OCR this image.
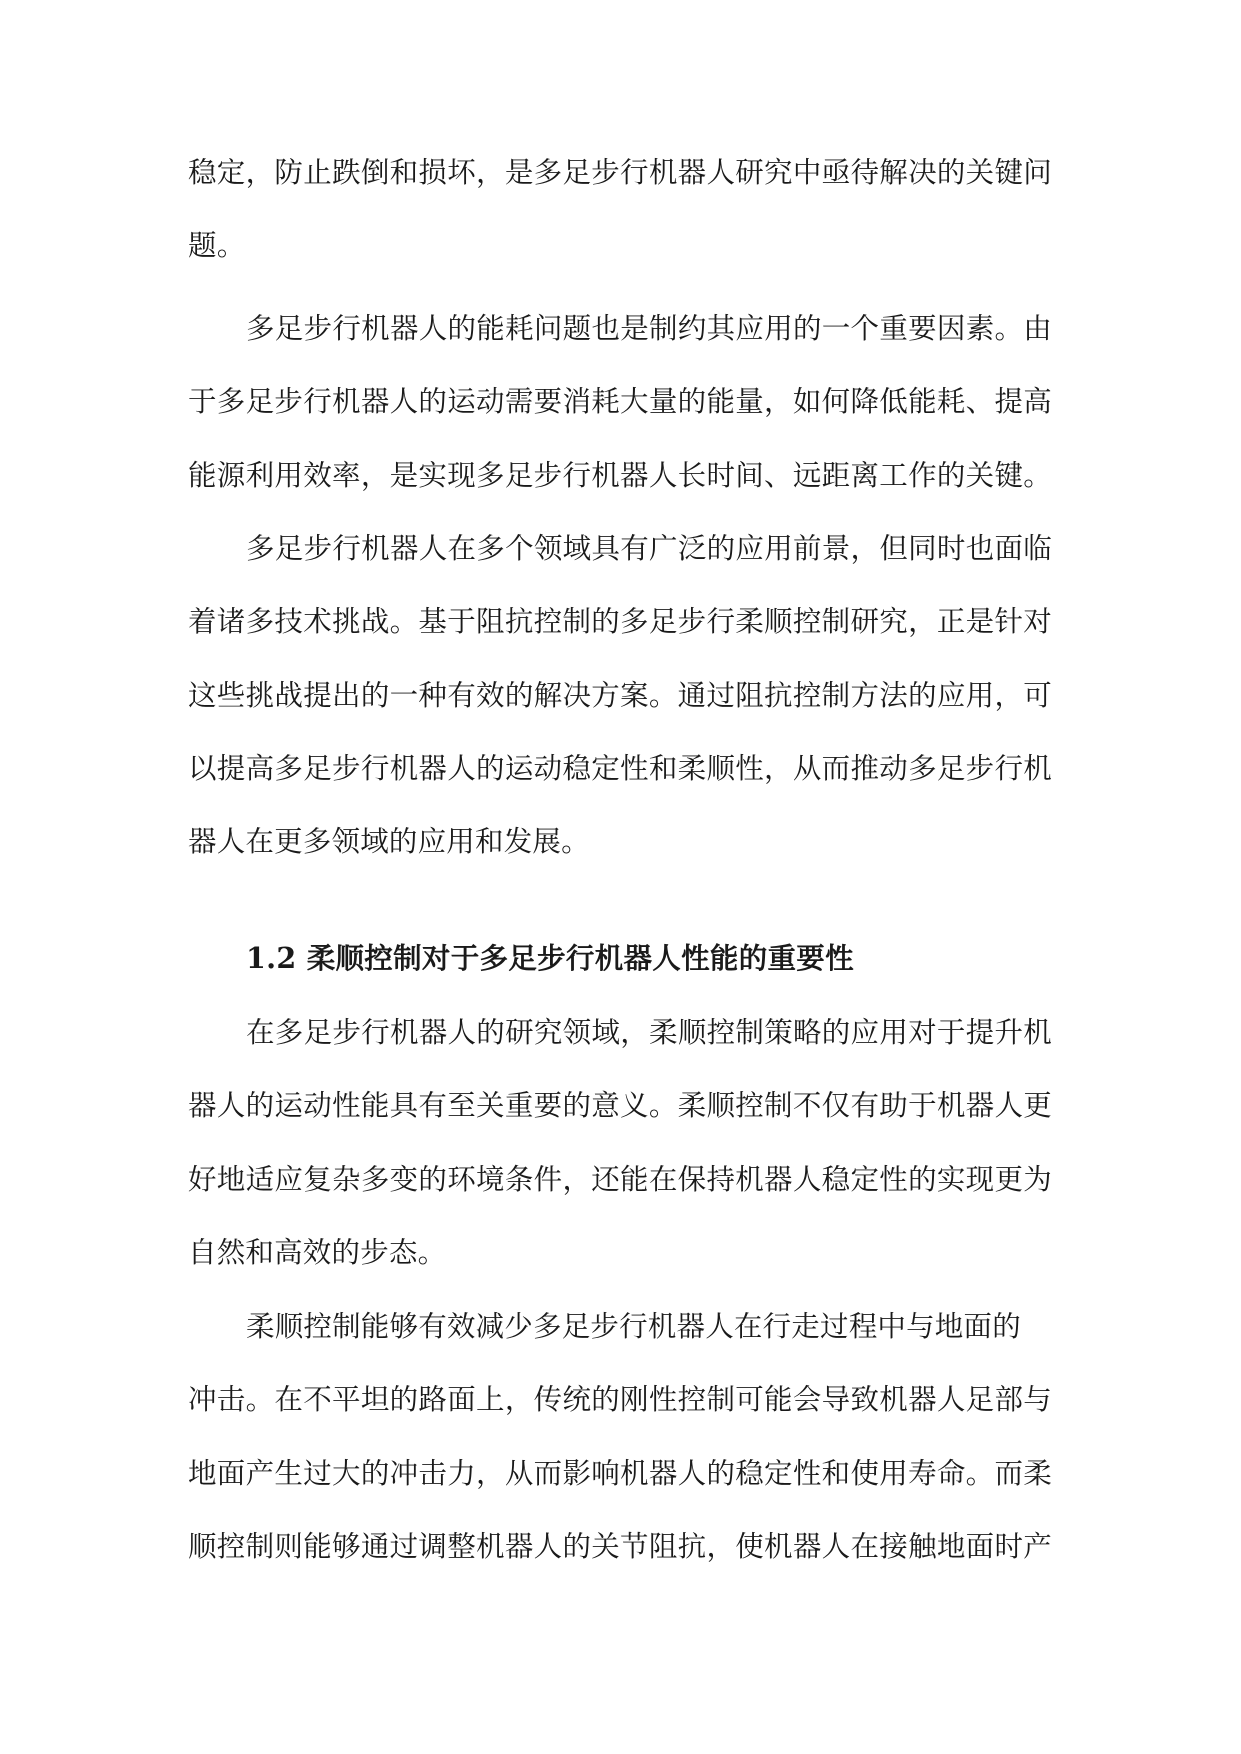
稳定，防止跌倒和损坏，是多足步行机器人研究中亟待解决的关键问
题。
多足步行机器人的能耗问题也是制约其应用的一个重要因素。由
于多足步行机器人的运动需要消耗大量的能量，如何降低能耗、提高
能源利用效率，是实现多足步行机器人长时间、远距离工作的关键。
多足步行机器人在多个领域具有广泛的应用前景，但同时也面临
着诸多技术挑战。基于阻抗控制的多足步行柔顺控制研究，正是针对
这些挑战提出的一种有效的解决方案。通过阻抗控制方法的应用，可
以提高多足步行机器人的运动稳定性和柔顺性，从而推动多足步行机
器人在更多领域的应用和发展。
1.2 柔顺控制对于多足步行机器人性能的重要性
在多足步行机器人的研究领域，柔顺控制策略的应用对于提升机
器人的运动性能具有至关重要的意义。柔顺控制不仅有助于机器人更
好地适应复杂多变的环境条件，还能在保持机器人稳定性的实现更为
自然和高效的步态。
柔顺控制能够有效减少多足步行机器人在行走过程中与地面的
冲击。在不平坦的路面上，传统的刚性控制可能会导致机器人足部与
地面产生过大的冲击力，从而影响机器人的稳定性和使用寿命。而柔
顺控制则能够通过调整机器人的关节阻抗，使机器人在接触地面时产
